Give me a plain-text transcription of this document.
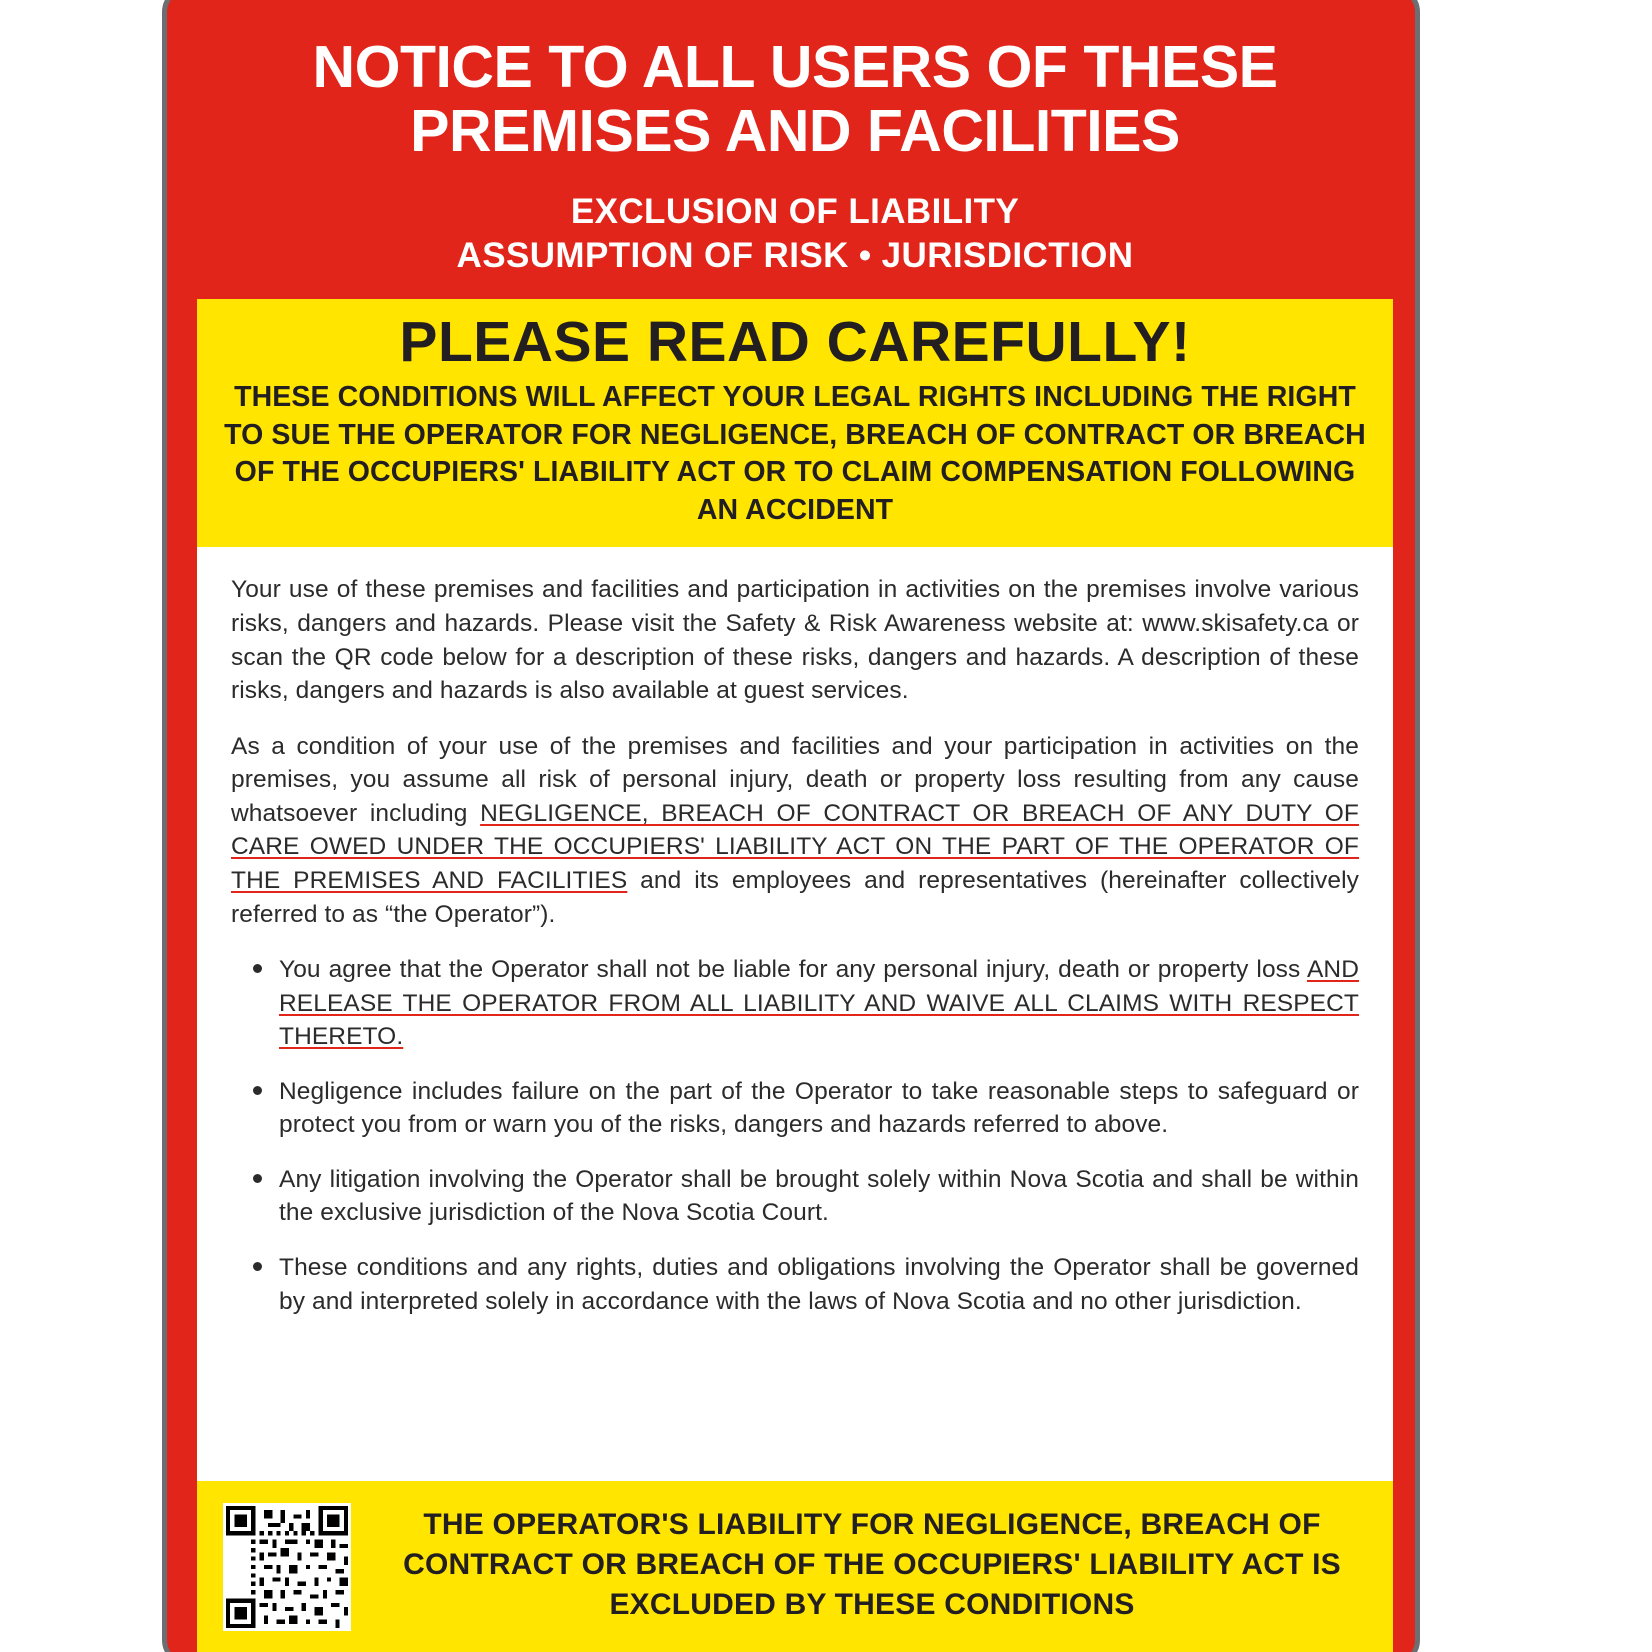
NOTICE TO ALL USERS OF THESE PREMISES AND FACILITIES
EXCLUSION OF LIABILITY
ASSUMPTION OF RISK • JURISDICTION
PLEASE READ CAREFULLY!
THESE CONDITIONS WILL AFFECT YOUR LEGAL RIGHTS INCLUDING THE RIGHT TO SUE THE OPERATOR FOR NEGLIGENCE, BREACH OF CONTRACT OR BREACH OF THE OCCUPIERS' LIABILITY ACT OR TO CLAIM COMPENSATION FOLLOWING AN ACCIDENT

Your use of these premises and facilities and participation in activities on the premises involve various risks, dangers and hazards. Please visit the Safety & Risk Awareness website at: www.skisafety.ca or scan the QR code below for a description of these risks, dangers and hazards. A description of these risks, dangers and hazards is also available at guest services.

As a condition of your use of the premises and facilities and your participation in activities on the premises, you assume all risk of personal injury, death or property loss resulting from any cause whatsoever including NEGLIGENCE, BREACH OF CONTRACT OR BREACH OF ANY DUTY OF CARE OWED UNDER THE OCCUPIERS' LIABILITY ACT ON THE PART OF THE OPERATOR OF THE PREMISES AND FACILITIES and its employees and representatives (hereinafter collectively referred to as “the Operator”).

You agree that the Operator shall not be liable for any personal injury, death or property loss AND RELEASE THE OPERATOR FROM ALL LIABILITY AND WAIVE ALL CLAIMS WITH RESPECT THERETO.
Negligence includes failure on the part of the Operator to take reasonable steps to safeguard or protect you from or warn you of the risks, dangers and hazards referred to above.
Any litigation involving the Operator shall be brought solely within Nova Scotia and shall be within the exclusive jurisdiction of the Nova Scotia Court.
These conditions and any rights, duties and obligations involving the Operator shall be governed by and interpreted solely in accordance with the laws of Nova Scotia and no other jurisdiction.
THE OPERATOR'S LIABILITY FOR NEGLIGENCE, BREACH OF CONTRACT OR BREACH OF THE OCCUPIERS' LIABILITY ACT IS EXCLUDED BY THESE CONDITIONS
